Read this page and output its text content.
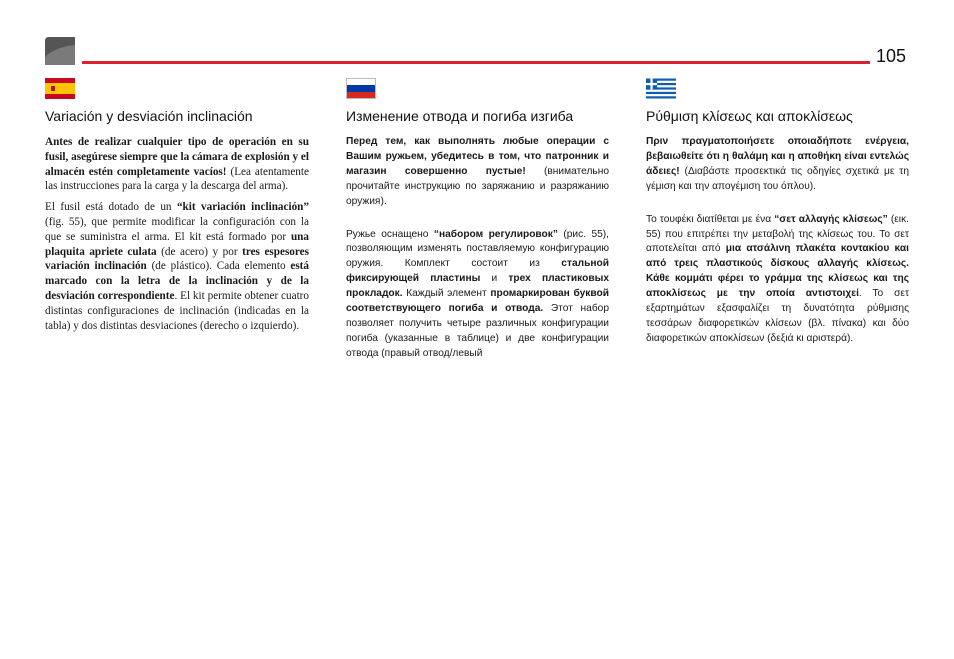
105
Variación y desviación inclinación

Antes de realizar cualquier tipo de operación en su fusil, asegúrese siempre que la cámara de explosión y el almacén estén completamente vacíos! (Lea atentamente las instrucciones para la carga y la descarga del arma).

El fusil está dotado de un “kit variación inclinación” (fig. 55), que permite modificar la configuración con la que se suministra el arma. El kit está formado por una plaquita apriete culata (de acero) y por tres espesores variación inclinación (de plástico). Cada elemento está marcado con la letra de la inclinación y de la desviación correspondiente. El kit permite obtener cuatro distintas configuraciones de inclinación (indicadas en la tabla) y dos distintas desviaciones (derecho o izquierdo).

Изменение отвода и погиба изгиба

Перед тем, как выполнять любые операции с Вашим ружьем, убедитесь в том, что патронник и магазин совершенно пустые! (внимательно прочитайте инструкцию по заряжанию и разряжанию оружия).

Ружье оснащено “набором регулировок” (рис. 55), позволяющим изменять поставляемую конфигурацию оружия. Комплект состоит из стальной фиксирующей пластины и трех пластиковых прокладок. Каждый элемент промаркирован буквой соответствующего погиба и отвода. Этот набор позволяет получить четыре различных конфигурации погиба (указанные в таблице) и две конфигурации отвода (правый отвод/левый

Ρύθμιση κλίσεως και αποκλίσεως

Πριν πραγματοποιήσετε οποιαδήποτε ενέργεια, βεβαιωθείτε ότι η θαλάμη και η αποθήκη είναι εντελώς άδειες! (Διαβάστε προσεκτικά τις οδηγίες σχετικά με τη γέμιση και την απογέμιση του όπλου).

Το τουφέκι διατίθεται με ένα “σετ αλλαγής κλίσεως” (εικ. 55) που επιτρέπει την μεταβολή της κλίσεως του. Το σετ αποτελείται από μια ατσάλινη πλακέτα κοντακίου και από τρεις πλαστικούς δίσκους αλλαγής κλίσεως. Κάθε κομμάτι φέρει το γράμμα της κλίσεως και της αποκλίσεως με την οποία αντιστοιχεί. Το σετ εξαρτημάτων εξασφαλίζει τη δυνατότητα ρύθμισης τεσσάρων διαφορετικών κλίσεων (βλ. πίνακα) και δύο διαφορετικών αποκλίσεων (δεξιά κι αριστερά).
